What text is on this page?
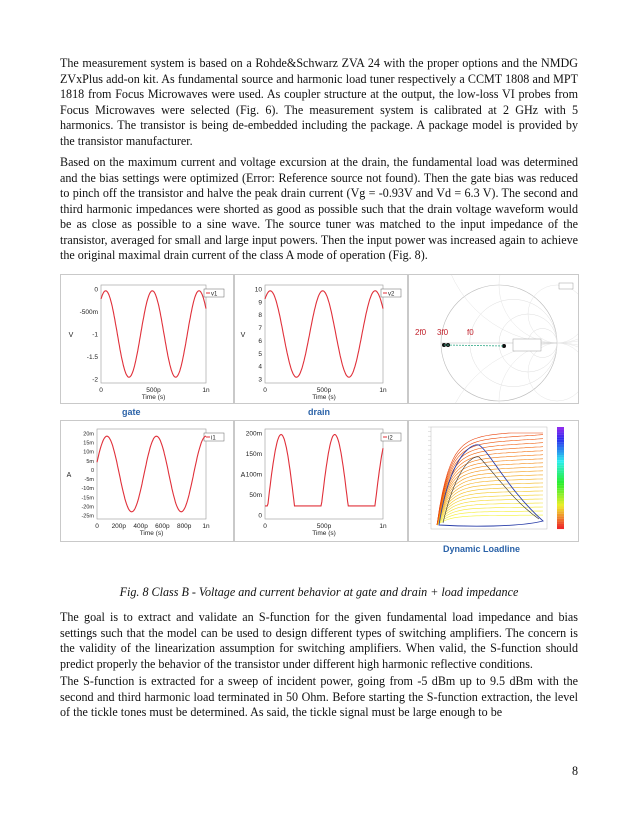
The measurement system is based on a Rohde&Schwarz ZVA 24 with the proper options and the NMDG ZVxPlus add-on kit. As fundamental source and harmonic load tuner respectively a CCMT 1808 and MPT 1818 from Focus Microwaves were used. As coupler structure at the output, the low-loss VI probes from Focus Microwaves were selected (Fig. 6). The measurement system is calibrated at 2 GHz with 5 harmonics. The transistor is being de-embedded including the package. A package model is provided by the transistor manufacturer.

Based on the maximum current and voltage excursion at the drain, the fundamental load was determined and the bias settings were optimized (Error: Reference source not found). Then the gate bias was reduced to pinch off the transistor and halve the peak drain current (Vg = -0.93V and Vd = 6.3 V). The second and third harmonic impedances were shorted as good as possible such that the drain voltage waveform would be as close as possible to a sine wave. The source tuner was matched to the input impedance of the transistor, averaged for small and large input powers. Then the input power was increased again to achieve the original maximal drain current of the class A mode of operation (Fig. 8).

0
-500m
-1
-1.5
-2
V
0	500p	1n
Time (s)
v1
10
9
8
7
6
5
4
3
V
0	500p	1n
Time (s)
v2
2f0 3f0 f0
gate	drain
20m
15m
10m
5m
0
-5m
-10m
-15m
-20m
-25m
A
0 200p 400p 600p 800p 1n
Time (s)
i1
200m
150m
100m
50m
0
A
0	500p	1n
Time (s)
i2
Dynamic Loadline

Fig. 8 Class B - Voltage and current behavior at gate and drain + load impedance

The goal is to extract and validate an S-function for the given fundamental load impedance and bias settings such that the model can be used to design different types of switching amplifiers. The concern is the validity of the linearization assumption for switching amplifiers. When valid, the S-function should predict properly the behavior of the transistor under different high harmonic reflective conditions.

The S-function is extracted for a sweep of incident power, going from -5 dBm up to 9.5 dBm with the second and third harmonic load terminated in 50 Ohm. Before starting the S-function extraction, the level of the tickle tones must be determined. As said, the tickle signal must be large enough to be

8
